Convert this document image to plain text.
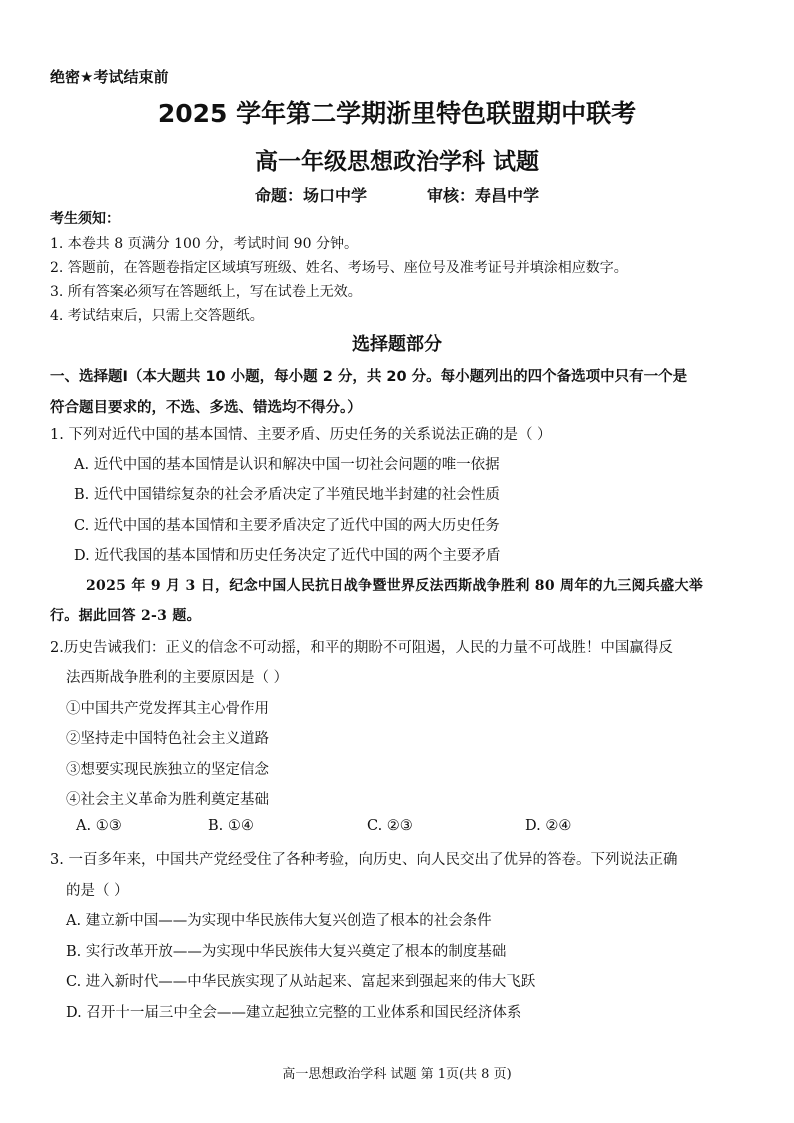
绝密★考试结束前
2025 学年第二学期浙里特色联盟期中联考
高一年级思想政治学科 试题
命题：场口中学	审核：寿昌中学
考生须知：
1. 本卷共 8 页满分 100 分，考试时间 90 分钟。
2. 答题前，在答题卷指定区域填写班级、姓名、考场号、座位号及准考证号并填涂相应数字。
3. 所有答案必须写在答题纸上，写在试卷上无效。
4. 考试结束后，只需上交答题纸。
选择题部分
一、选择题Ⅰ（本大题共 10 小题，每小题 2 分，共 20 分。每小题列出的四个备选项中只有一个是
符合题目要求的，不选、多选、错选均不得分。）
1. 下列对近代中国的基本国情、主要矛盾、历史任务的关系说法正确的是（ ）
A. 近代中国的基本国情是认识和解决中国一切社会问题的唯一依据
B. 近代中国错综复杂的社会矛盾决定了半殖民地半封建的社会性质
C. 近代中国的基本国情和主要矛盾决定了近代中国的两大历史任务
D. 近代我国的基本国情和历史任务决定了近代中国的两个主要矛盾
2025 年 9 月 3 日，纪念中国人民抗日战争暨世界反法西斯战争胜利 80 周年的九三阅兵盛大举
行。据此回答 2-3 题。
2.历史告诫我们：正义的信念不可动摇，和平的期盼不可阻遏，人民的力量不可战胜！中国赢得反
法西斯战争胜利的主要原因是（ ）
①中国共产党发挥其主心骨作用
②坚持走中国特色社会主义道路
③想要实现民族独立的坚定信念
④社会主义革命为胜利奠定基础
A. ①③	B. ①④	C. ②③	D. ②④
3. 一百多年来，中国共产党经受住了各种考验，向历史、向人民交出了优异的答卷。下列说法正确
的是（ ）
A. 建立新中国——为实现中华民族伟大复兴创造了根本的社会条件
B. 实行改革开放——为实现中华民族伟大复兴奠定了根本的制度基础
C. 进入新时代——中华民族实现了从站起来、富起来到强起来的伟大飞跃
D. 召开十一届三中全会——建立起独立完整的工业体系和国民经济体系
高一思想政治学科 试题 第 1页(共 8 页)
